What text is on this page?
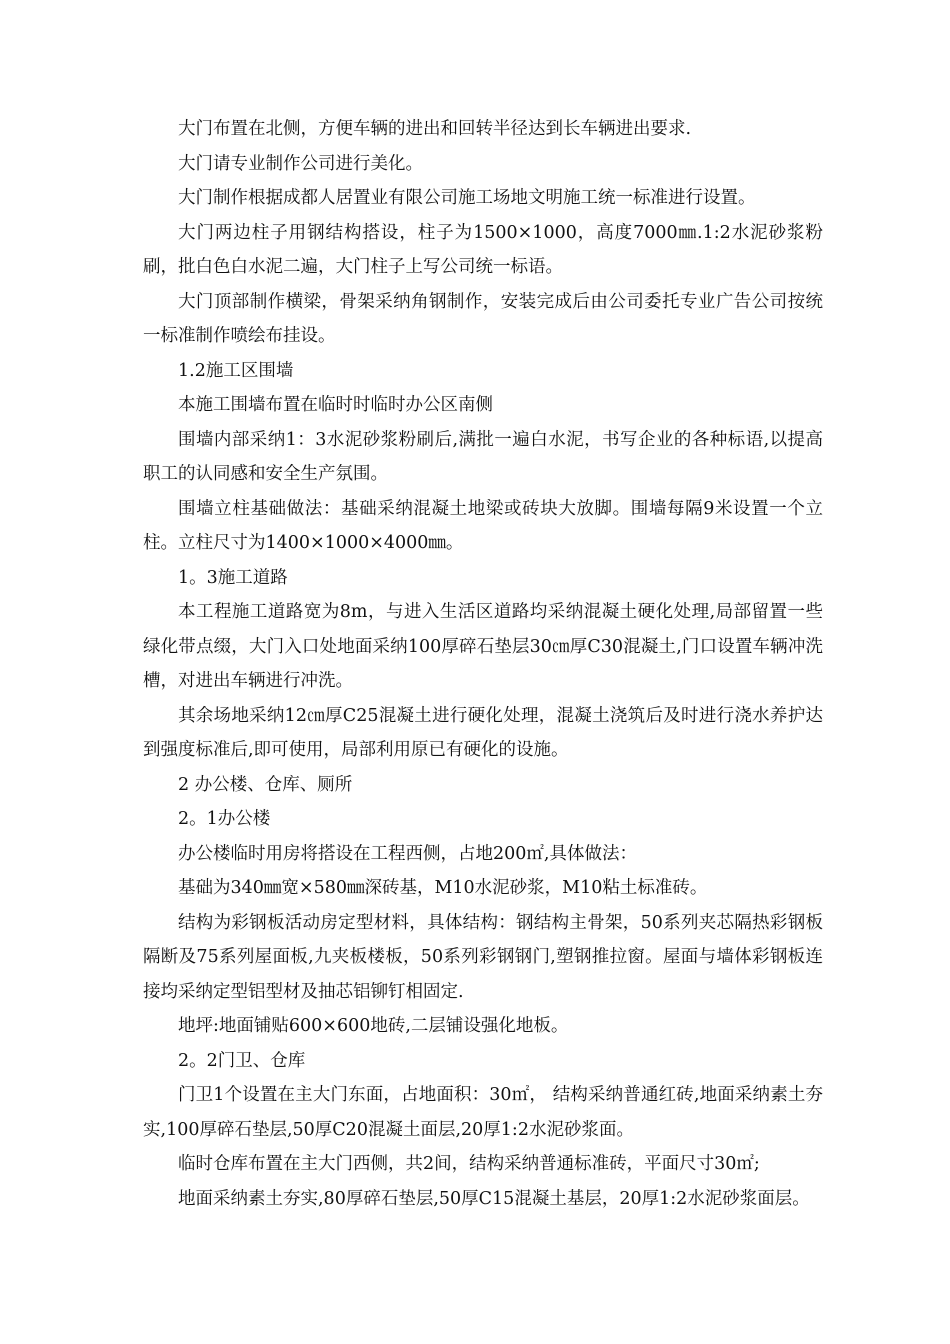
大门布置在北侧，方便车辆的进出和回转半径达到长车辆进出要求.

大门请专业制作公司进行美化。

大门制作根据成都人居置业有限公司施工场地文明施工统一标准进行设置。

大门两边柱子用钢结构搭设，柱子为1500×1000，高度7000㎜.1:2水泥砂浆粉刷，批白色白水泥二遍，大门柱子上写公司统一标语。

大门顶部制作横梁，骨架采纳角钢制作，安装完成后由公司委托专业广告公司按统一标准制作喷绘布挂设。

1.2施工区围墙

本施工围墙布置在临时时临时办公区南侧

围墙内部采纳1：3水泥砂浆粉刷后,满批一遍白水泥，书写企业的各种标语,以提高职工的认同感和安全生产氛围。

围墙立柱基础做法：基础采纳混凝土地梁或砖块大放脚。围墙每隔9米设置一个立柱。立柱尺寸为1400×1000×4000㎜。

1。3施工道路

本工程施工道路宽为8m，与进入生活区道路均采纳混凝土硬化处理,局部留置一些绿化带点缀，大门入口处地面采纳100厚碎石垫层30㎝厚C30混凝土,门口设置车辆冲洗槽，对进出车辆进行冲洗。

其余场地采纳12㎝厚C25混凝土进行硬化处理，混凝土浇筑后及时进行浇水养护达到强度标准后,即可使用，局部利用原已有硬化的设施。

2 办公楼、仓库、厕所

2。1办公楼

办公楼临时用房将搭设在工程西侧，占地200㎡,具体做法：

基础为340㎜宽×580㎜深砖基，M10水泥砂浆，M10粘土标准砖。

结构为彩钢板活动房定型材料，具体结构：钢结构主骨架，50系列夹芯隔热彩钢板隔断及75系列屋面板,九夹板楼板，50系列彩钢钢门,塑钢推拉窗。屋面与墙体彩钢板连接均采纳定型铝型材及抽芯铝铆钉相固定.

地坪:地面铺贴600×600地砖,二层铺设强化地板。

2。2门卫、仓库

门卫1个设置在主大门东面，占地面积：30㎡， 结构采纳普通红砖,地面采纳素土夯实,100厚碎石垫层,50厚C20混凝土面层,20厚1:2水泥砂浆面。

临时仓库布置在主大门西侧，共2间，结构采纳普通标准砖，平面尺寸30㎡;

地面采纳素土夯实,80厚碎石垫层,50厚C15混凝土基层，20厚1:2水泥砂浆面层。
